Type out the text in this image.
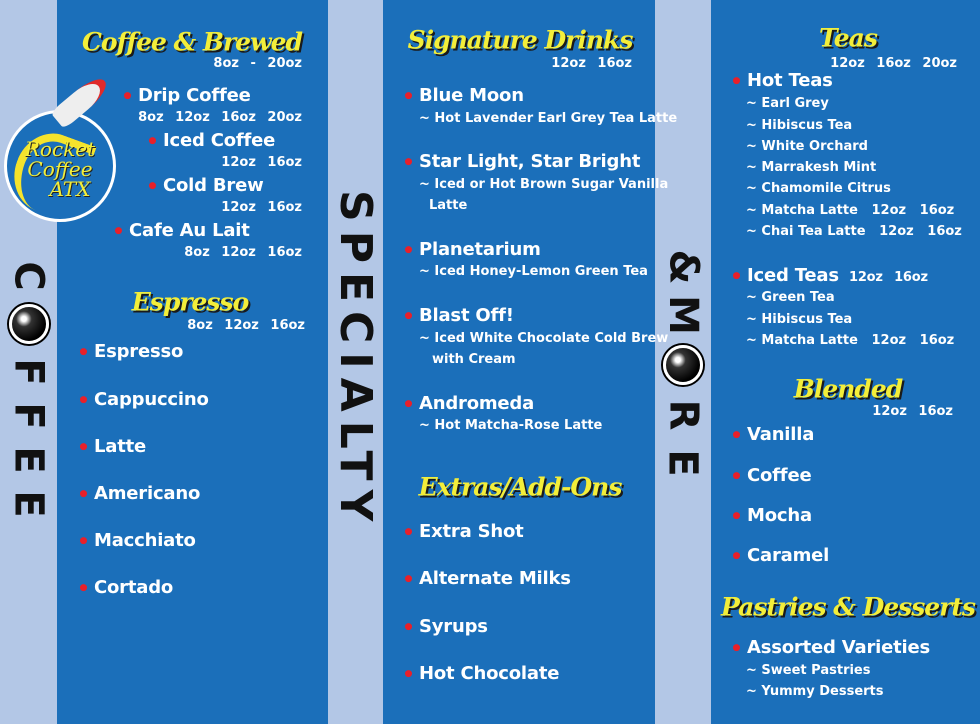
C
F
F
E
E	SPECIALTY	&
M
R
E
Rocket
Coffee
ATX
Coffee & Brewed
8oz - 20oz
Drip Coffee
8oz 12oz 16oz 20oz
Iced Coffee
12oz 16oz
Cold Brew
12oz 16oz
Cafe Au Lait
8oz 12oz 16oz
Espresso
8oz 12oz 16oz
Espresso
Cappuccino
Latte
Americano
Macchiato
Cortado
Signature Drinks
12oz 16oz
Blue Moon
~ Hot Lavender Earl Grey Tea Latte
Star Light, Star Bright
~ Iced or Hot Brown Sugar Vanilla
Latte
Planetarium
~ Iced Honey-Lemon Green Tea
Blast Off!
~ Iced White Chocolate Cold Brew
with Cream
Andromeda
~ Hot Matcha-Rose Latte
Extras/Add-Ons
Extra Shot
Alternate Milks
Syrups
Hot Chocolate
Teas
12oz 16oz 20oz
Hot Teas
~ Earl Grey
~ Hibiscus Tea
~ White Orchard
~ Marrakesh Mint
~ Chamomile Citrus
~ Matcha Latte   12oz   16oz
~ Chai Tea Latte   12oz   16oz
Iced Teas 12oz 16oz
~ Green Tea
~ Hibiscus Tea
~ Matcha Latte   12oz   16oz
Blended
12oz 16oz
Vanilla
Coffee
Mocha
Caramel
Pastries & Desserts
Assorted Varieties
~ Sweet Pastries
~ Yummy Desserts
